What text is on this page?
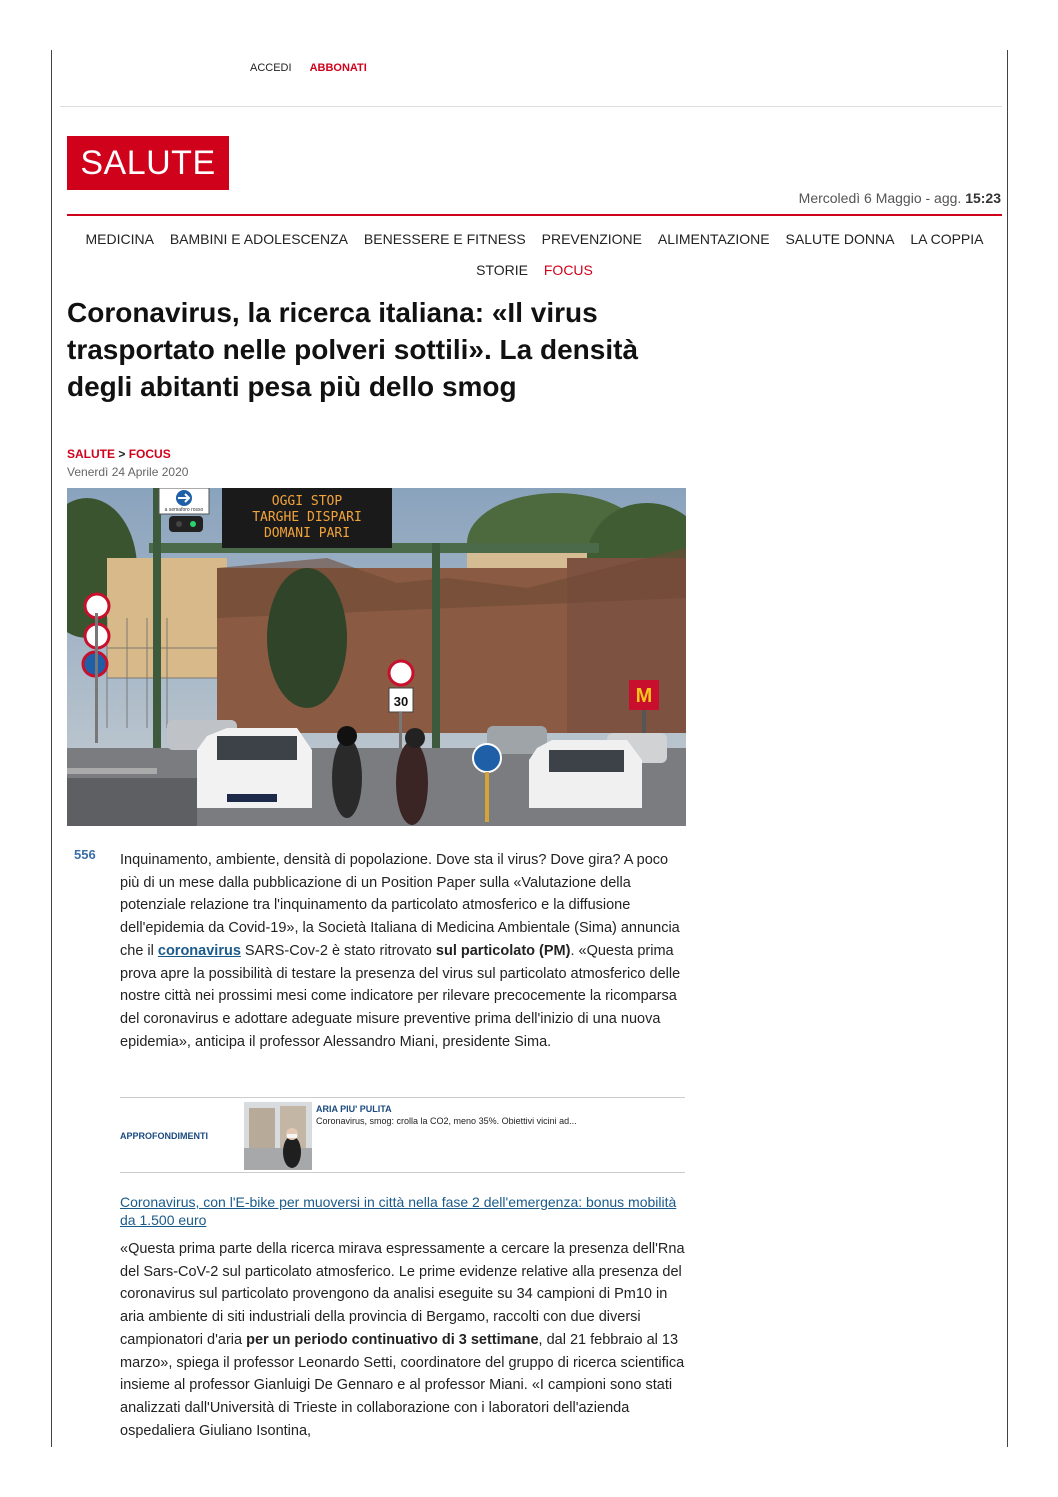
ACCEDI ABBONATI
SALUTE
Mercoledì 6 Maggio - agg. 15:23
MEDICINA BAMBINI E ADOLESCENZA BENESSERE E FITNESS PREVENZIONE ALIMENTAZIONE SALUTE DONNA LA COPPIA
STORIE FOCUS
Coronavirus, la ricerca italiana: «Il virus trasportato nelle polveri sottili». La densità degli abitanti pesa più dello smog
SALUTE > FOCUS
Venerdì 24 Aprile 2020
OGGI STOP
TARGHE DISPARI
DOMANI PARI
a semaforo rosso
30	M
556 Inquinamento, ambiente, densità di popolazione. Dove sta il virus? Dove gira? A poco più di un mese dalla pubblicazione di un Position Paper sulla «Valutazione della potenziale relazione tra l'inquinamento da particolato atmosferico e la diffusione dell'epidemia da Covid-19», la Società Italiana di Medicina Ambientale (Sima) annuncia che il coronavirus SARS-Cov-2 è stato ritrovato sul particolato (PM). «Questa prima prova apre la possibilità di testare la presenza del virus sul particolato atmosferico delle nostre città nei prossimi mesi come indicatore per rilevare precocemente la ricomparsa del coronavirus e adottare adeguate misure preventive prima dell'inizio di una nuova epidemia», anticipa il professor Alessandro Miani, presidente Sima.

APPROFONDIMENTI
ARIA PIU' PULITA
Coronavirus, smog: crolla la CO2, meno 35%. Obiettivi vicini ad...
Coronavirus, con l'E-bike per muoversi in città nella fase 2 dell'emergenza: bonus mobilità da 1.500 euro

«Questa prima parte della ricerca mirava espressamente a cercare la presenza dell'Rna del Sars-CoV-2 sul particolato atmosferico. Le prime evidenze relative alla presenza del coronavirus sul particolato provengono da analisi eseguite su 34 campioni di Pm10 in aria ambiente di siti industriali della provincia di Bergamo, raccolti con due diversi campionatori d'aria per un periodo continuativo di 3 settimane, dal 21 febbraio al 13 marzo», spiega il professor Leonardo Setti, coordinatore del gruppo di ricerca scientifica insieme al professor Gianluigi De Gennaro e al professor Miani. «I campioni sono stati analizzati dall'Università di Trieste in collaborazione con i laboratori dell'azienda ospedaliera Giuliano Isontina,
